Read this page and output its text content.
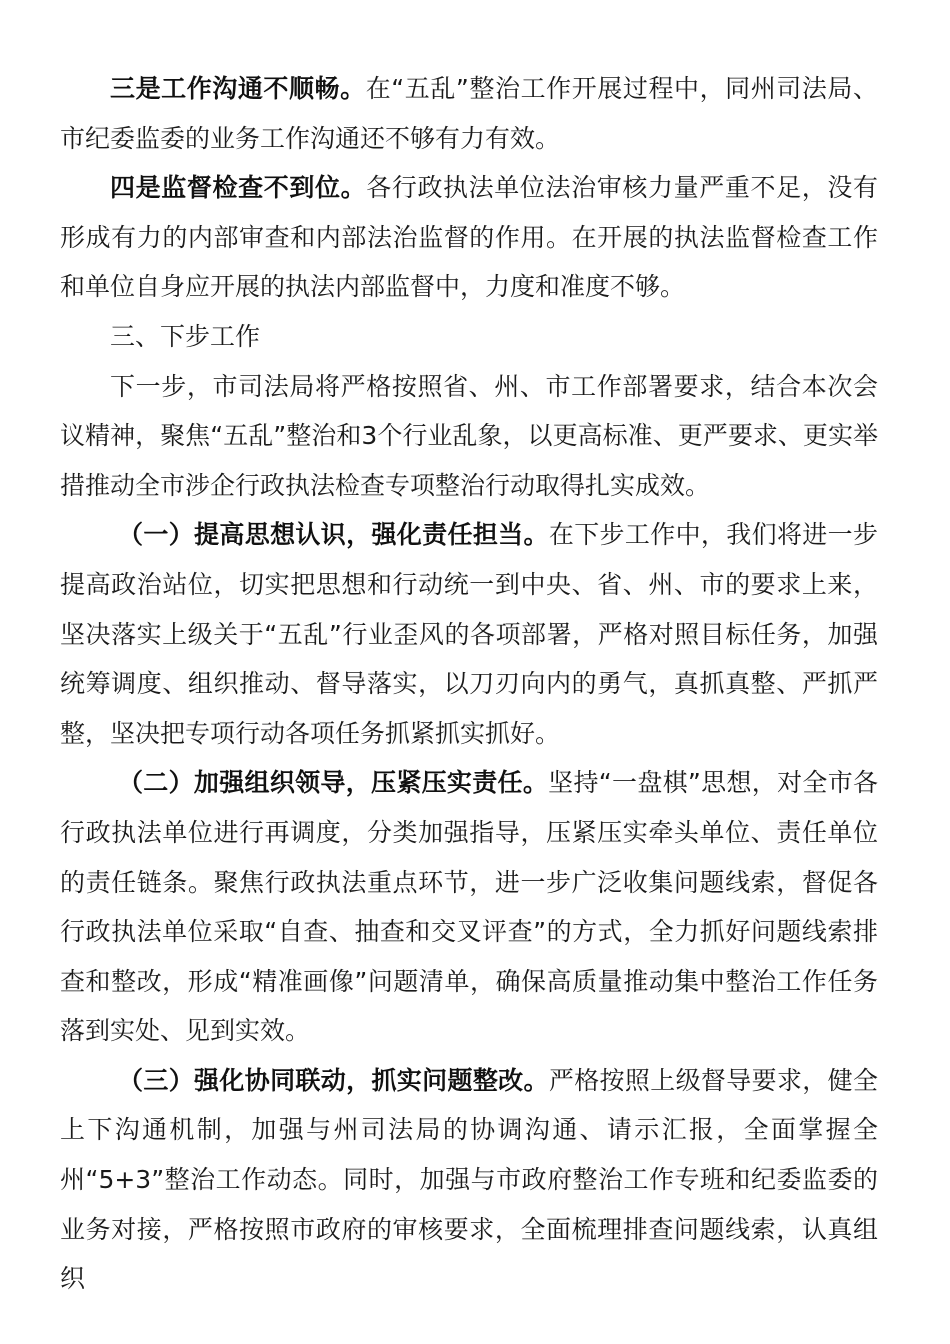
三是工作沟通不顺畅。在“五乱”整治工作开展过程中，同州司法局、市纪委监委的业务工作沟通还不够有力有效。

四是监督检查不到位。各行政执法单位法治审核力量严重不足，没有形成有力的内部审查和内部法治监督的作用。在开展的执法监督检查工作和单位自身应开展的执法内部监督中，力度和准度不够。

三、下步工作

下一步，市司法局将严格按照省、州、市工作部署要求，结合本次会议精神，聚焦“五乱”整治和3个行业乱象，以更高标准、更严要求、更实举措推动全市涉企行政执法检查专项整治行动取得扎实成效。

（一）提高思想认识，强化责任担当。在下步工作中，我们将进一步提高政治站位，切实把思想和行动统一到中央、省、州、市的要求上来，坚决落实上级关于“五乱”行业歪风的各项部署，严格对照目标任务，加强统筹调度、组织推动、督导落实，以刀刃向内的勇气，真抓真整、严抓严整，坚决把专项行动各项任务抓紧抓实抓好。

（二）加强组织领导，压紧压实责任。坚持“一盘棋”思想，对全市各行政执法单位进行再调度，分类加强指导，压紧压实牵头单位、责任单位的责任链条。聚焦行政执法重点环节，进一步广泛收集问题线索，督促各行政执法单位采取“自查、抽查和交叉评查”的方式，全力抓好问题线索排查和整改，形成“精准画像”问题清单，确保高质量推动集中整治工作任务落到实处、见到实效。

（三）强化协同联动，抓实问题整改。严格按照上级督导要求，健全上下沟通机制，加强与州司法局的协调沟通、请示汇报，全面掌握全州“5+3”整治工作动态。同时，加强与市政府整治工作专班和纪委监委的业务对接，严格按照市政府的审核要求，全面梳理排查问题线索，认真组织
